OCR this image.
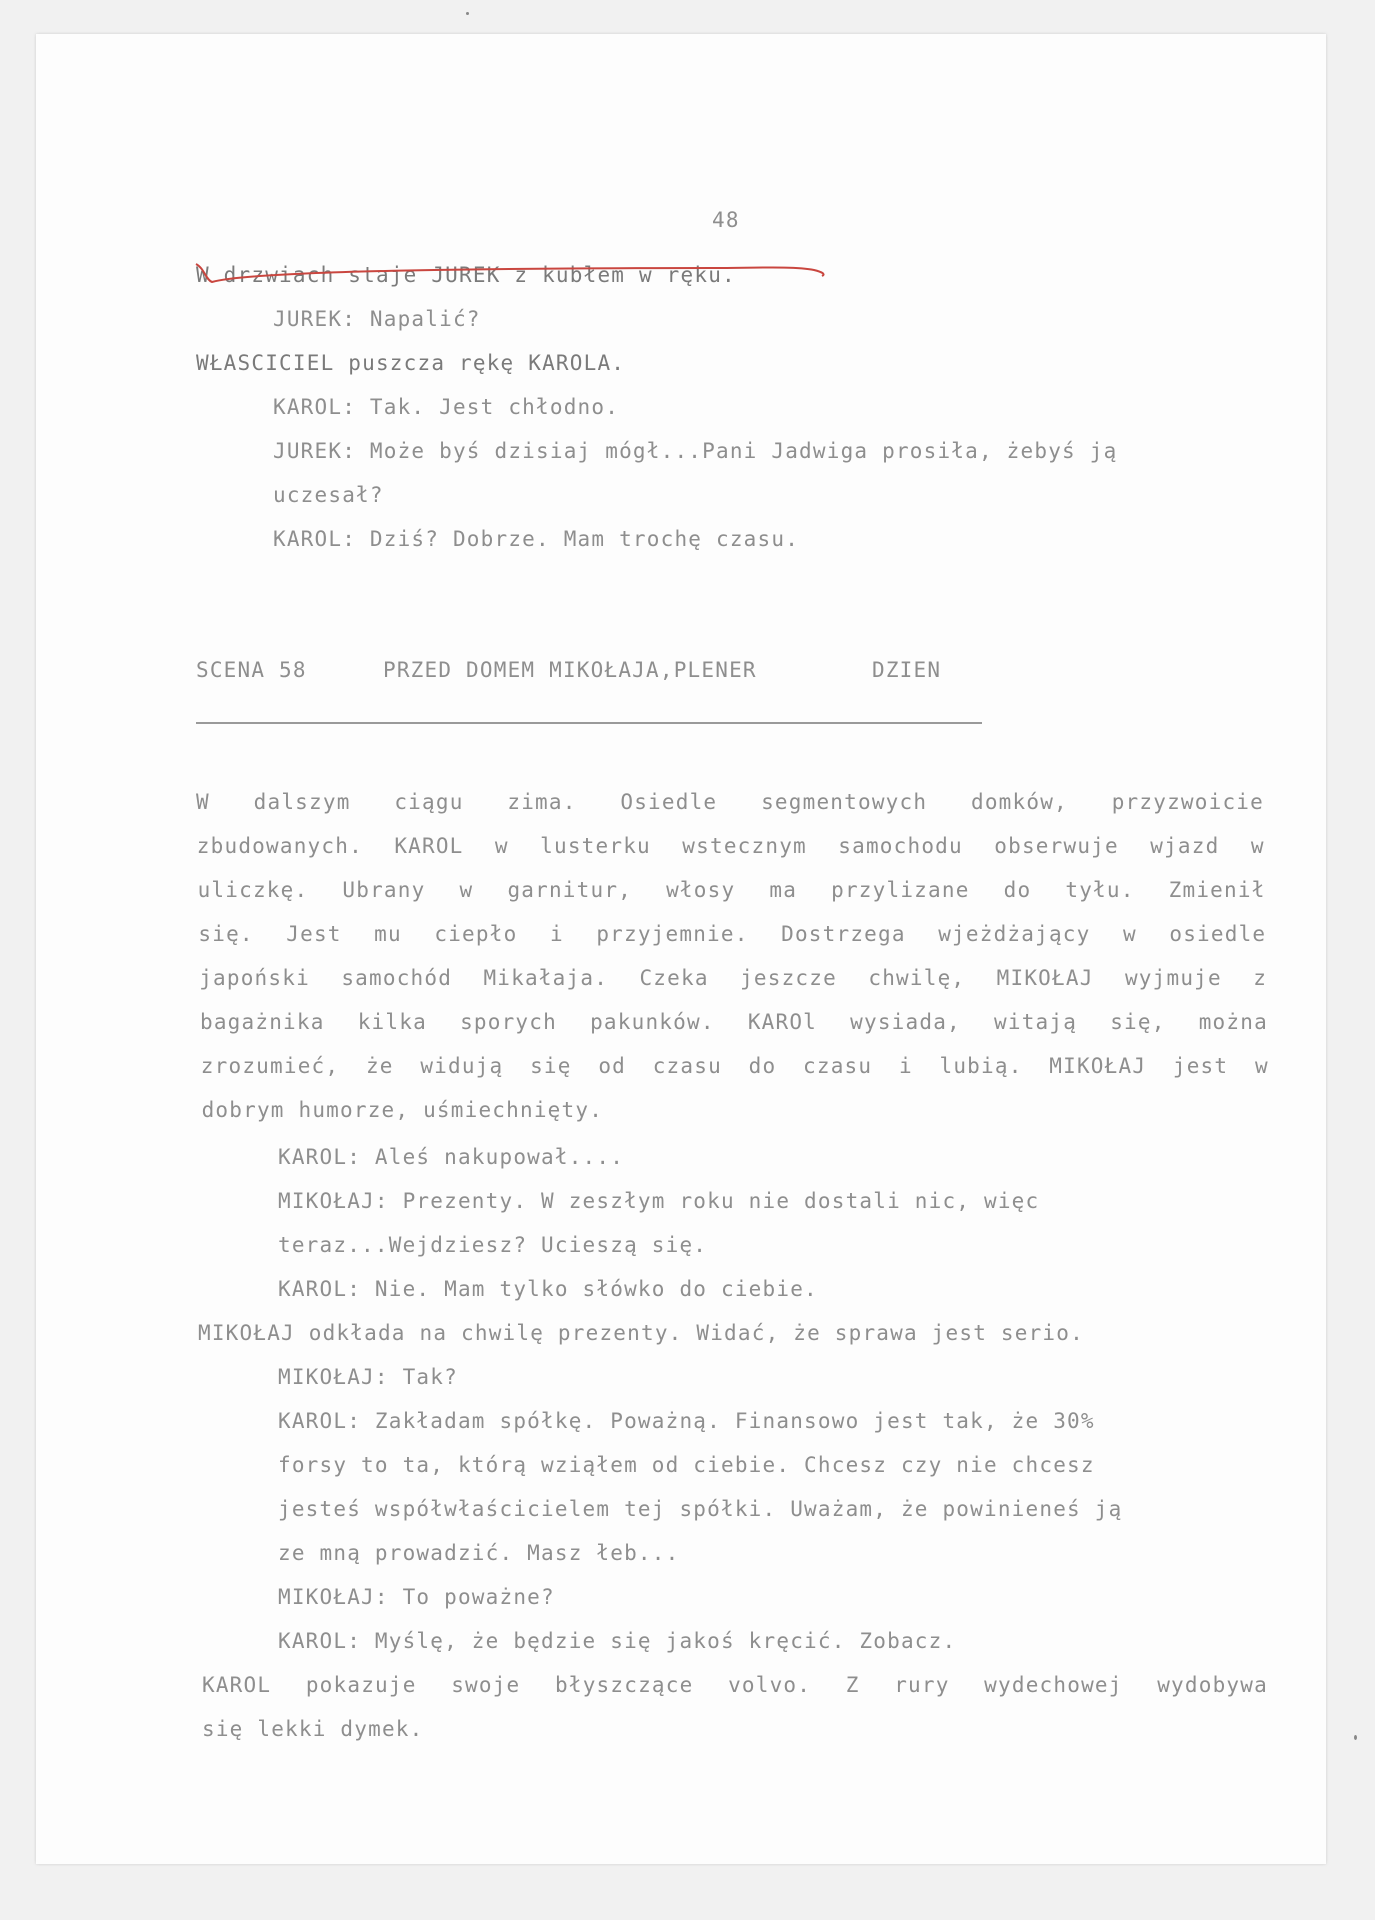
48
W drzwiach staje JUREK z kubłem w ręku.
JUREK: Napalić?
WŁASCICIEL puszcza rękę KAROLA.
KAROL: Tak. Jest chłodno.
JUREK: Może byś dzisiaj mógł...Pani Jadwiga prosiła, żebyś ją
uczesał?
KAROL: Dziś? Dobrze. Mam trochę czasu.
SCENA 58	PRZED DOMEM MIKOŁAJA,PLENER	DZIEN
W dalszym ciągu zima. Osiedle segmentowych domków, przyzwoicie
zbudowanych. KAROL w lusterku wstecznym samochodu obserwuje wjazd w
uliczkę. Ubrany w garnitur, włosy ma przylizane do tyłu. Zmienił
się. Jest mu ciepło i przyjemnie. Dostrzega wjeżdżający w osiedle
japoński samochód Mikałaja. Czeka jeszcze chwilę, MIKOŁAJ wyjmuje z
bagażnika kilka sporych pakunków. KAROl wysiada, witają się, można
zrozumieć, że widują się od czasu do czasu i lubią. MIKOŁAJ jest w
dobrym humorze, uśmiechnięty.
KAROL: Aleś nakupował....
MIKOŁAJ: Prezenty. W zeszłym roku nie dostali nic, więc
teraz...Wejdziesz? Ucieszą się.
KAROL: Nie. Mam tylko słówko do ciebie.
MIKOŁAJ odkłada na chwilę prezenty. Widać, że sprawa jest serio.
MIKOŁAJ: Tak?
KAROL: Zakładam spółkę. Poważną. Finansowo jest tak, że 30%
forsy to ta, którą wziąłem od ciebie. Chcesz czy nie chcesz
jesteś współwłaścicielem tej spółki. Uważam, że powinieneś ją
ze mną prowadzić. Masz łeb...
MIKOŁAJ: To poważne?
KAROL: Myślę, że będzie się jakoś kręcić. Zobacz.
KAROL pokazuje swoje błyszczące volvo. Z rury wydechowej wydobywa
się lekki dymek.
